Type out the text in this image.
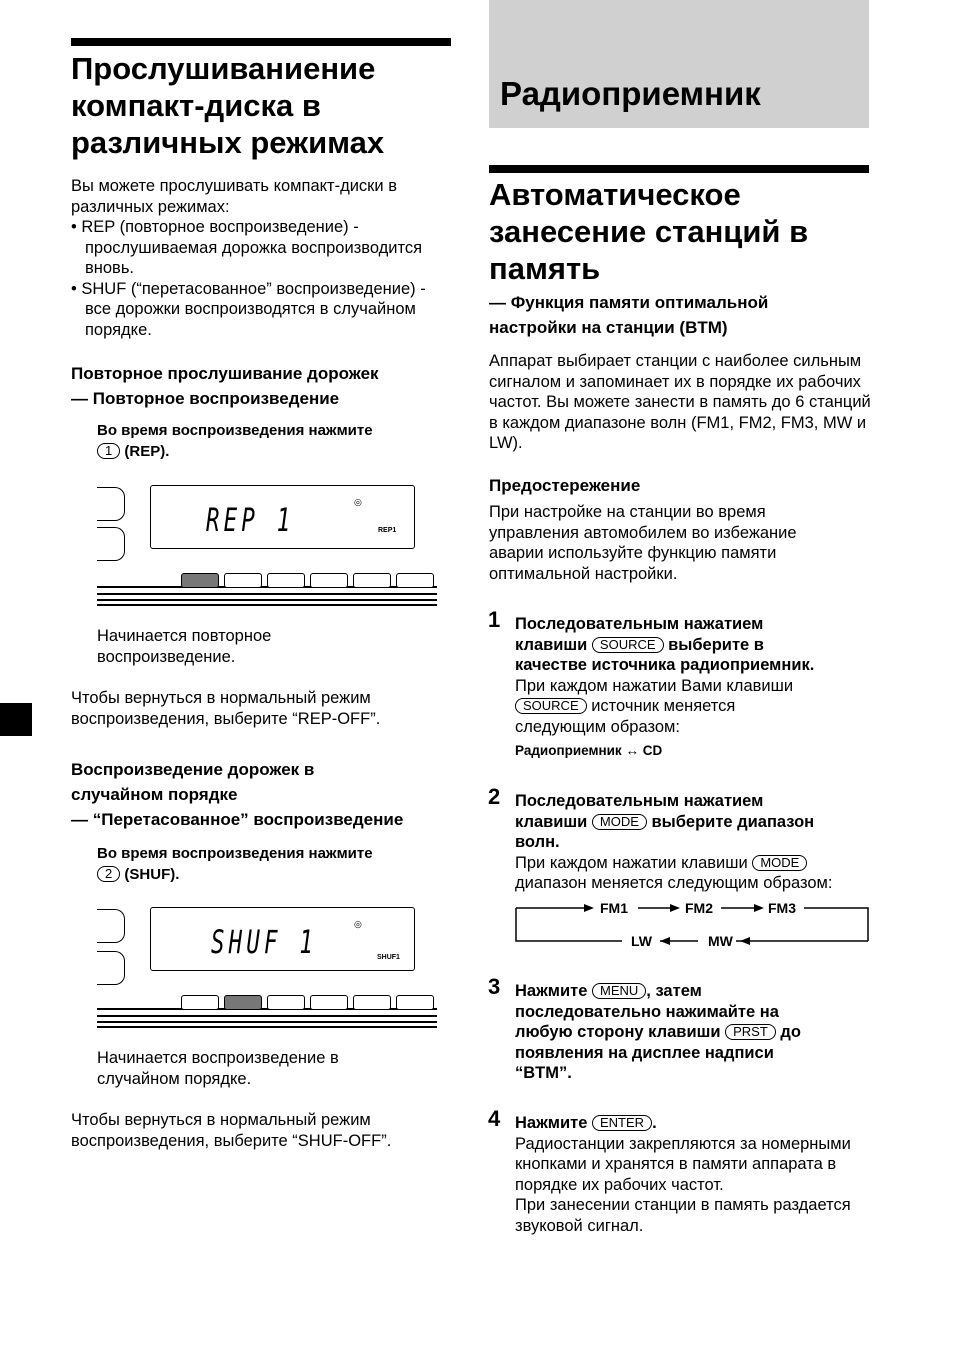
Прослушиваниение
компакт-диска в
различных режимах

Вы можете прослушивать компакт-диски в различных режимах:

• REP (повторное воспроизведение) - прослушиваемая дорожка воспроизводится вновь.

• SHUF (“перетасованное” воспроизведение) - все дорожки воспроизводятся в случайном порядке.

Повторное прослушивание дорожек
— Повторное воспроизведение
Во время воспроизведения нажмите
1 (REP).
◎
REP 1	REP1
Начинается повторное воспроизведение.
Чтобы вернуться в нормальный режим воспроизведения, выберите “REP-OFF”.
Воспроизведение дорожек в
случайном порядке
— “Перетасованное” воспроизведение
Во время воспроизведения нажмите
2 (SHUF).
◎
SHUF 1	SHUF1
Начинается воспроизведение в случайном порядке.
Чтобы вернуться в нормальный режим воспроизведения, выберите “SHUF-OFF”.
Радиоприемник
Автоматическое
занесение станций в
память
— Функция памяти оптимальной
настройки на станции (BTM)
Аппарат выбирает станции с наиболее сильным сигналом и запоминает их в порядке их рабочих частот. Вы можете занести в память до 6 станций в каждом диапазоне волн (FM1, FM2, FM3, MW и LW).
Предостережение
При настройке на станции во время управления автомобилем во избежание аварии используйте функцию памяти оптимальной настройки.
1 Последовательным нажатием

клавиши SOURCE выберите в

качестве источника радиоприемник.

При каждом нажатии Вами клавиши

SOURCE источник меняется

следующим образом:

Радиоприемник ↔ CD

2 Последовательным нажатием

клавиши MODE выберите диапазон

волн.

При каждом нажатии клавиши MODE

диапазон меняется следующим образом:

FM1	FM2	FM3
LW	MW
3 Нажмите MENU , затем

последовательно нажимайте на

любую сторону клавиши PRST до

появления на дисплее надписи

“BTM”.

4 Нажмите ENTER .

Радиостанции закрепляются за номерными кнопками и хранятся в памяти аппарата в порядке их рабочих частот.

При занесении станции в память раздается звуковой сигнал.
